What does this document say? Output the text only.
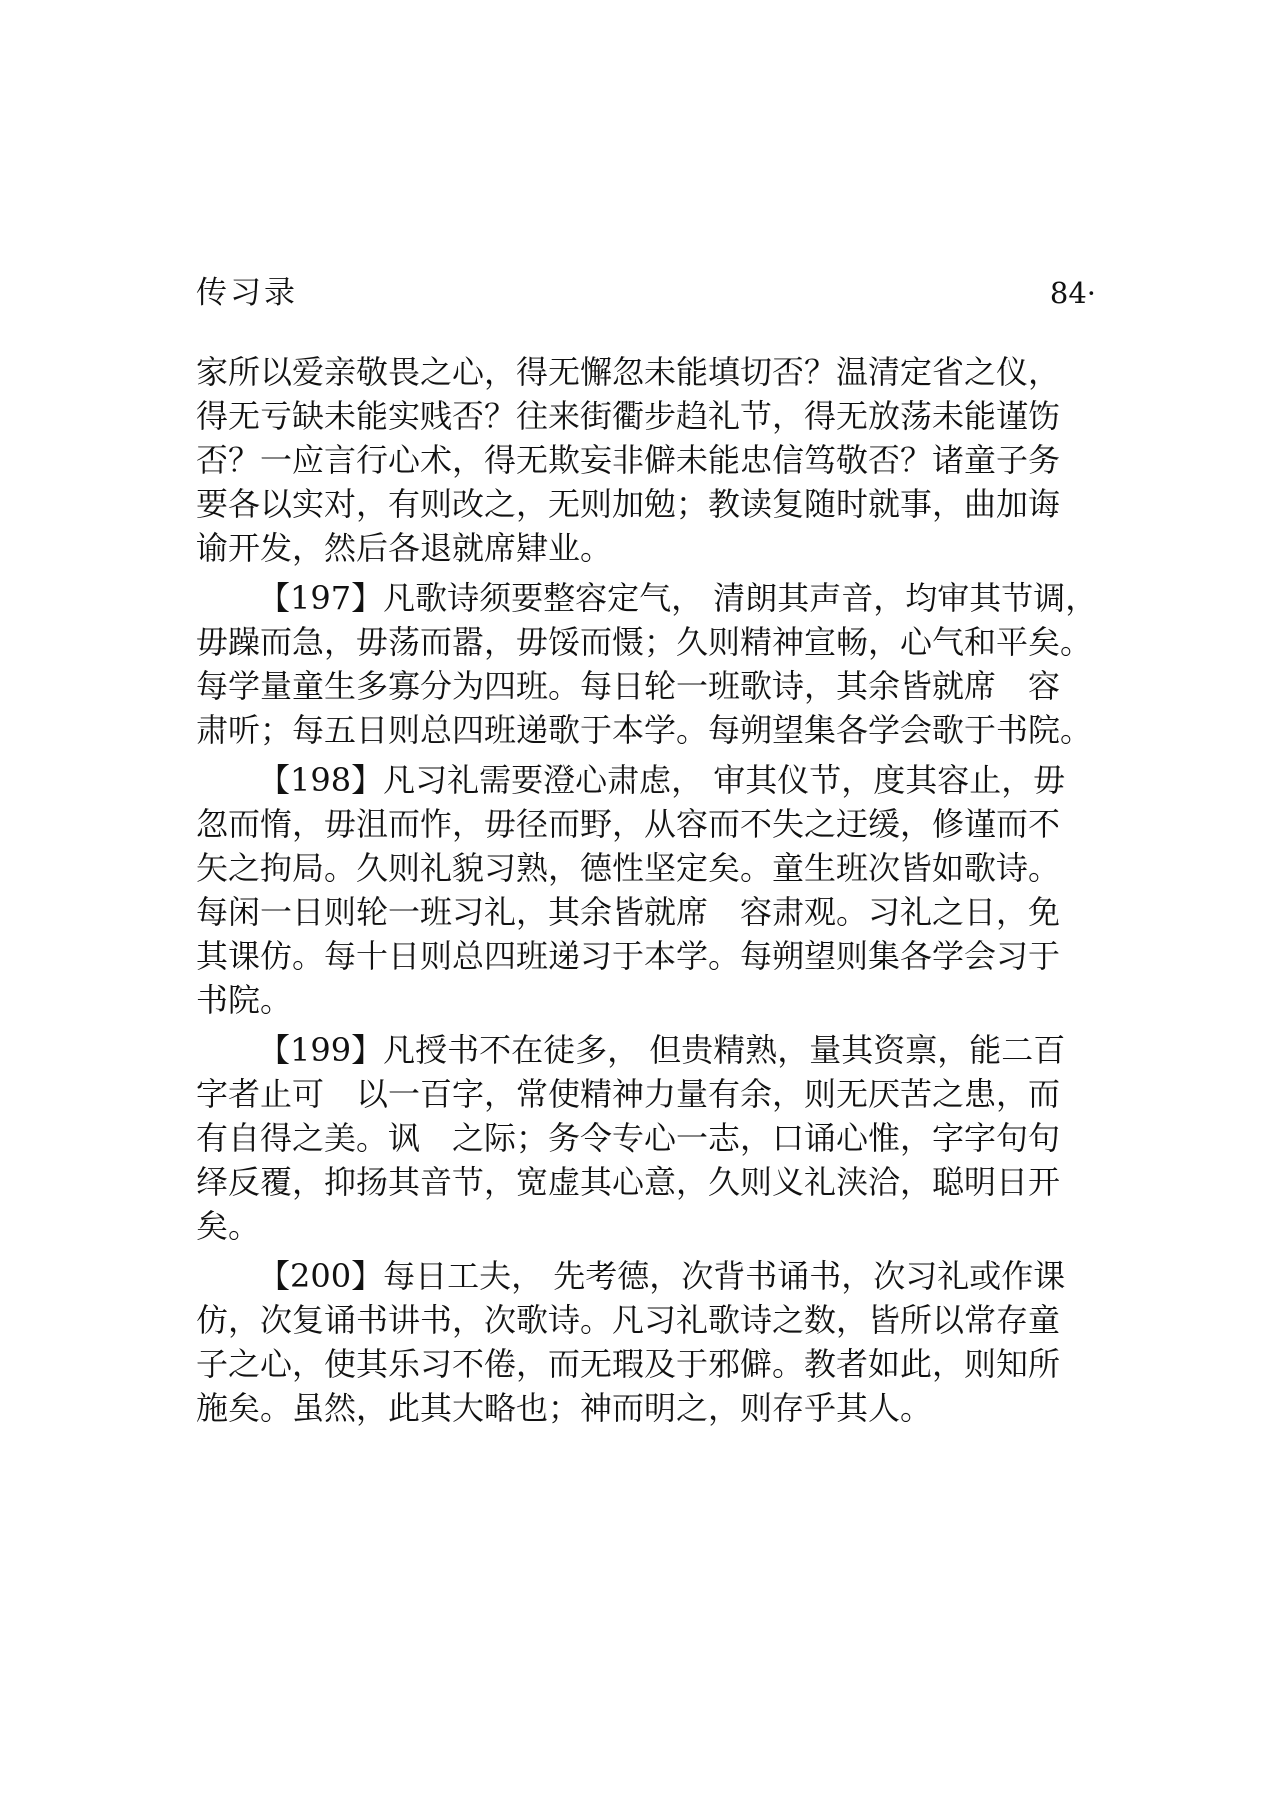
传习录	84·
家所以爱亲敬畏之心，得无懈忽未能填切否？温清定省之仪，
得无亏缺未能实贱否？往来街衢步趋礼节，得无放荡未能谨饬
否？一应言行心术，得无欺妄非僻未能忠信笃敬否？诸童子务
要各以实对，有则改之，无则加勉；教读复随时就事，曲加诲
谕开发，然后各退就席肄业。
【197】凡歌诗须要整容定气， 清朗其声音，均审其节调，
毋躁而急，毋荡而嚣，毋馁而慑；久则精神宣畅，心气和平矣。
每学量童生多寡分为四班。每日轮一班歌诗，其余皆就席　容
肃听；每五日则总四班递歌于本学。每朔望集各学会歌于书院。
【198】凡习礼需要澄心肃虑， 审其仪节，度其容止，毋
忽而惰，毋沮而怍，毋径而野，从容而不失之迂缓，修谨而不
矢之拘局。久则礼貌习熟，德性坚定矣。童生班次皆如歌诗。
每闲一日则轮一班习礼，其余皆就席　容肃观。习礼之日，免
其课仿。每十日则总四班递习于本学。每朔望则集各学会习于
书院。
【199】凡授书不在徒多， 但贵精熟，量其资禀，能二百
字者止可　以一百字，常使精神力量有余，则无厌苦之患，而
有自得之美。讽　之际；务令专心一志，口诵心惟，字字句句
绎反覆，抑扬其音节，宽虚其心意，久则义礼浃洽，聪明日开
矣。
【200】每日工夫， 先考德，次背书诵书，次习礼或作课
仿，次复诵书讲书，次歌诗。凡习礼歌诗之数，皆所以常存童
子之心，使其乐习不倦，而无瑕及于邪僻。教者如此，则知所
施矣。虽然，此其大略也；神而明之，则存乎其人。
